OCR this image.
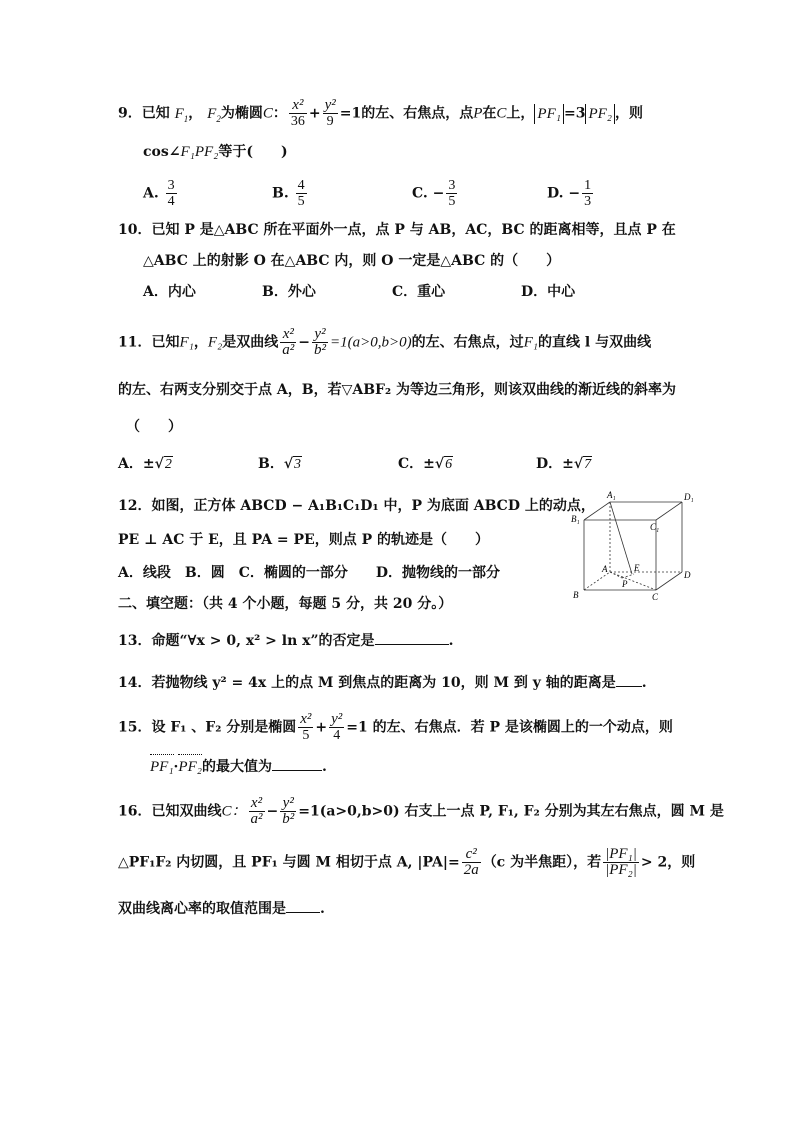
9．已知 $F_1$， $F_2$为椭圆C： $\frac{\text{x²}}{36} + \frac{\text{y²}}{9} =1$的左、右焦点，点P在C上， PF₁ =3 PF₂ ，则
cos∠F₁PF₂等于(　　)
A. $\frac{3}{4}$	B. $\frac{4}{5}$	C. − $\frac{3}{5}$	D. − $\frac{1}{3}$
10．已知 P 是△ABC 所在平面外一点，点 P 与 AB，AC，BC 的距离相等，且点 P 在
△ABC 上的射影 O 在△ABC 内，则 O 一定是△ABC 的（　　）
A．内心	B．外心	C．重心	D．中心
11．已知F₁，F₂是双曲线 $\frac{\text{x²}}{\text{a²}} - \frac{\text{y²}}{\text{b²}} =1(a>0,b>0)$的左、右焦点，过F₁的直线 l 与双曲线
的左、右两支分别交于点 A，B，若▽ABF₂ 为等边三角形，则该双曲线的渐近线的斜率为
（　　）
A．±√2	B．√3	C．±√6	D．±√7
12．如图，正方体 ABCD − A₁B₁C₁D₁ 中，P 为底面 ABCD 上的动点，
PE ⊥ AC 于 E，且 PA = PE，则点 P 的轨迹是（　　）
A．线段　B．圆　C．椭圆的一部分　　D．抛物线的一部分
A₁	D₁
B₁
C₁
A	E
D
P
B	C
二、填空题：（共 4 个小题，每题 5 分，共 20 分。）
13．命题“∀x > 0, x² > ln x”的否定是	.
14．若抛物线 y² = 4x 上的点 M 到焦点的距离为 10，则 M 到 y 轴的距离是 .
15．设 F₁ 、F₂ 分别是椭圆 $\frac{\text{x²}}{5} + \frac{\text{y²}}{4} =1$ 的左、右焦点．若 P 是该椭圆上的一个动点，则
PF₁·PF₂的最大值为	.
16．已知双曲线C： $\frac{\text{x²}}{\text{a²}} - \frac{\text{y²}}{\text{b²}} =1(a>0,b>0)$ 右支上一点 P, F₁, F₂ 分别为其左右焦点，圆 M 是
△PF₁F₂ 内切圆，且 PF₁ 与圆 M 相切于点 A, $|PA|= \frac{\text{c²}}{2a} (c$ 为半焦距），若 $\frac{\text{|PF₁|}}{\text{|PF₂|}} > 2$，则
双曲线离心率的取值范围是 .
